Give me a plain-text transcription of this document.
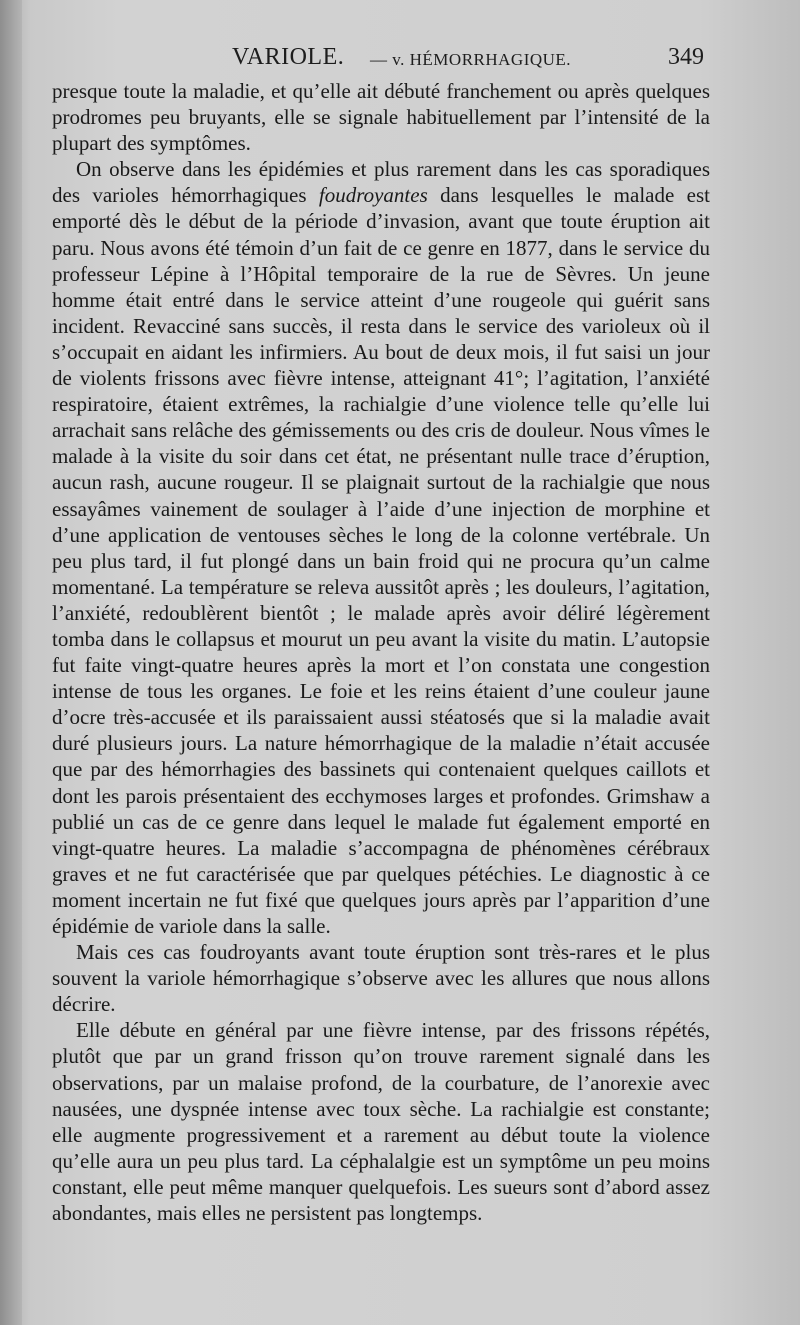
VARIOLE. — v. HÉMORRHAGIQUE.	349

presque toute la maladie, et qu’elle ait débuté franchement ou après quelques prodromes peu bruyants, elle se signale habituellement par l’intensité de la plupart des symptômes.

On observe dans les épidémies et plus rarement dans les cas sporadiques des varioles hémorrhagiques foudroyantes dans lesquelles le malade est emporté dès le début de la période d’invasion, avant que toute éruption ait paru. Nous avons été témoin d’un fait de ce genre en 1877, dans le service du professeur Lépine à l’Hôpital temporaire de la rue de Sèvres. Un jeune homme était entré dans le service atteint d’une rougeole qui guérit sans incident. Revacciné sans succès, il resta dans le service des varioleux où il s’occupait en aidant les infirmiers. Au bout de deux mois, il fut saisi un jour de violents frissons avec fièvre intense, atteignant 41°; l’agitation, l’anxiété respiratoire, étaient extrêmes, la rachialgie d’une violence telle qu’elle lui arrachait sans relâche des gémissements ou des cris de douleur. Nous vîmes le malade à la visite du soir dans cet état, ne présentant nulle trace d’éruption, aucun rash, aucune rougeur. Il se plaignait surtout de la rachialgie que nous essayâmes vainement de soulager à l’aide d’une injection de morphine et d’une application de ventouses sèches le long de la colonne vertébrale. Un peu plus tard, il fut plongé dans un bain froid qui ne procura qu’un calme momentané. La température se releva aussitôt après ; les douleurs, l’agitation, l’anxiété, redoublèrent bientôt ; le malade après avoir déliré légèrement tomba dans le collapsus et mourut un peu avant la visite du matin. L’autopsie fut faite vingt-quatre heures après la mort et l’on constata une congestion intense de tous les organes. Le foie et les reins étaient d’une couleur jaune d’ocre très-accusée et ils paraissaient aussi stéatosés que si la maladie avait duré plusieurs jours. La nature hémorrhagique de la maladie n’était accusée que par des hémorrhagies des bassinets qui contenaient quelques caillots et dont les parois présentaient des ecchymoses larges et profondes. Grimshaw a publié un cas de ce genre dans lequel le malade fut également emporté en vingt-quatre heures. La maladie s’accompagna de phénomènes cérébraux graves et ne fut caractérisée que par quelques pétéchies. Le diagnostic à ce moment incertain ne fut fixé que quelques jours après par l’apparition d’une épidémie de variole dans la salle.

Mais ces cas foudroyants avant toute éruption sont très-rares et le plus souvent la variole hémorrhagique s’observe avec les allures que nous allons décrire.

Elle débute en général par une fièvre intense, par des frissons répétés, plutôt que par un grand frisson qu’on trouve rarement signalé dans les observations, par un malaise profond, de la courbature, de l’anorexie avec nausées, une dyspnée intense avec toux sèche. La rachialgie est constante; elle augmente progressivement et a rarement au début toute la violence qu’elle aura un peu plus tard. La céphalalgie est un symptôme un peu moins constant, elle peut même manquer quelquefois. Les sueurs sont d’abord assez abondantes, mais elles ne persistent pas longtemps.
